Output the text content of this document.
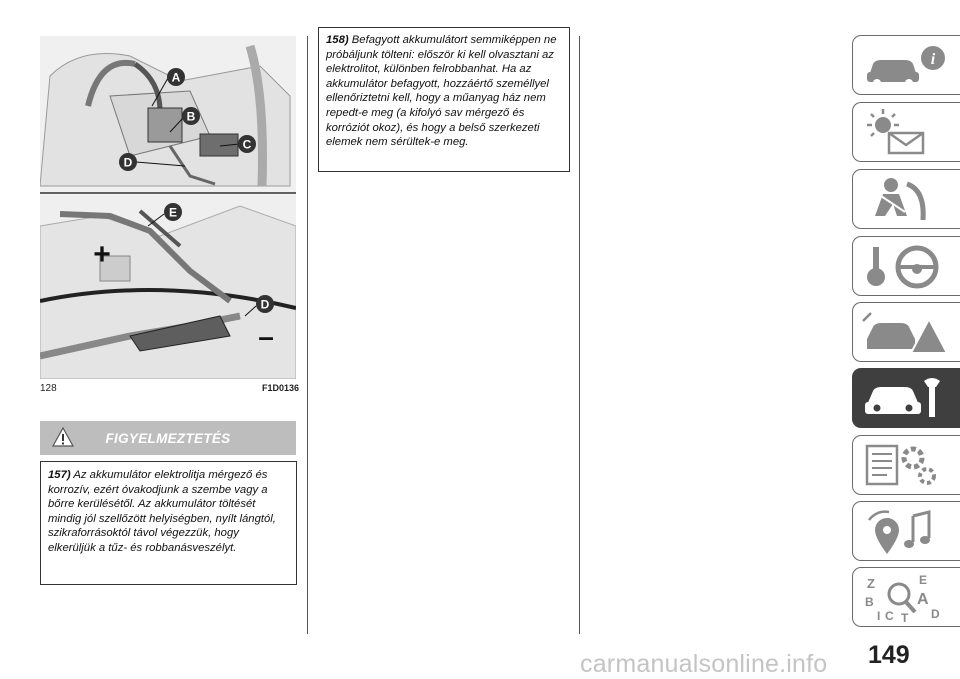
A
B
C
D
E
D
+
–
128	F1D0136
FIGYELMEZTETÉS
157) Az akkumulátor elektrolitja mérgező és korrozív, ezért óvakodjunk a szembe vagy a bőrre kerülésétől. Az akkumulátor töltését mindig jól szellőzött helyiségben, nyílt lángtól, szikraforrásoktól távol végezzük, hogy elkerüljük a tűz- és robbanásveszélyt.
158) Befagyott akkumulátort semmiképpen ne próbáljunk tölteni: először ki kell olvasztani az elektrolitot, különben felrobbanhat. Ha az akkumulátor befagyott, hozzáértő személlyel ellenőriztetni kell, hogy a műanyag ház nem repedt-e meg (a kifolyó sav mérgező és korróziót okoz), és hogy a belső szerkezeti elemek nem sérültek-e meg.
i
Z	E
B	A
C	D
T
I
149
carmanualsonline.info
